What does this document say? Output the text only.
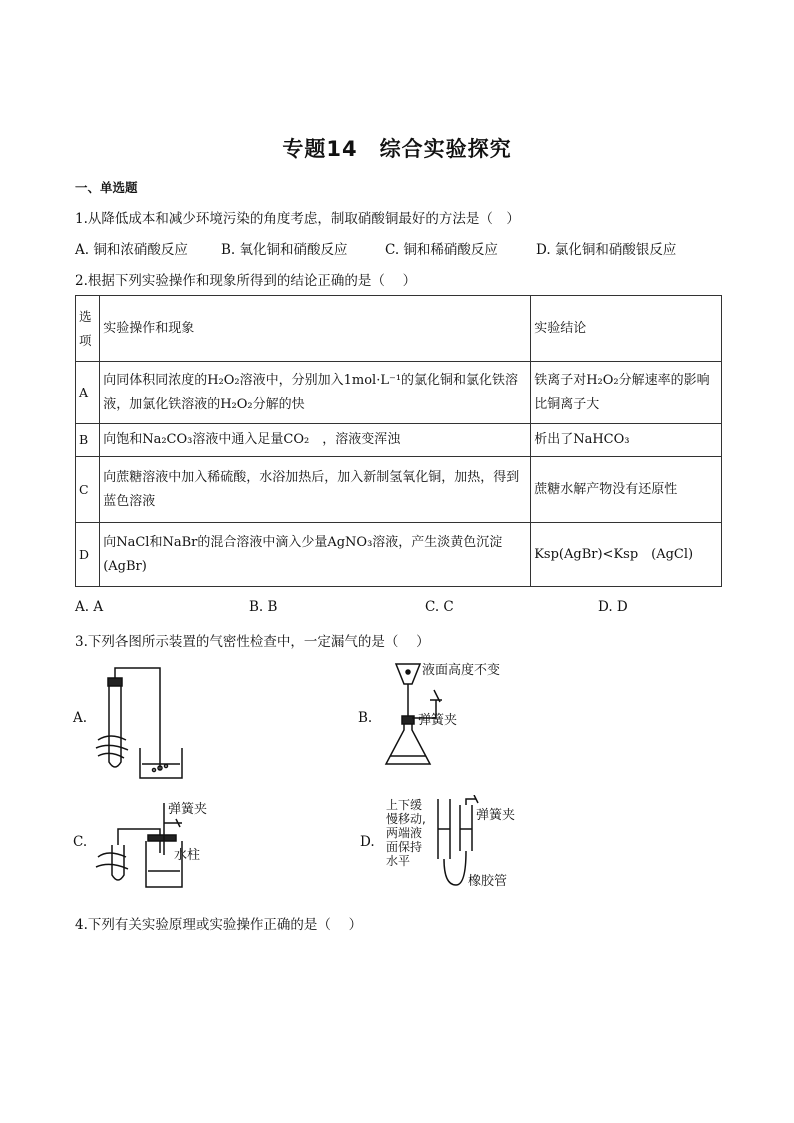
专题14　综合实验探究
一、单选题
1.从降低成本和减少环境污染的角度考虑，制取硝酸铜最好的方法是（　）
A. 铜和浓硝酸反应 B. 氧化铜和硝酸反应	C. 铜和稀硝酸反应	D. 氯化铜和硝酸银反应
2.根据下列实验操作和现象所得到的结论正确的是（　 ）
选项	实验操作和现象	实验结论
A	向同体积同浓度的H₂O₂溶液中，分别加入1mol·L⁻¹的氯化铜和氯化铁溶液，加氯化铁溶液的H₂O₂分解的快	铁离子对H₂O₂分解速率的影响比铜离子大
B	向饱和Na₂CO₃溶液中通入足量CO₂　，溶液变浑浊	析出了NaHCO₃
C	向蔗糖溶液中加入稀硫酸，水浴加热后，加入新制氢氧化铜，加热，得到蓝色溶液	蔗糖水解产物没有还原性
D	向NaCl和NaBr的混合溶液中滴入少量AgNO₃溶液，产生淡黄色沉淀(AgBr)	Ksp(AgBr)<Ksp　(AgCl)
A. A	B. B	C. C	D. D
3.下列各图所示装置的气密性检查中，一定漏气的是（　 ）
A.	B.
C.	D.
液面高度不变
弹簧夹
弹簧夹
水柱
上下缓
慢移动,
两端液
面保持
水平
弹簧夹
橡胶管
4.下列有关实验原理或实验操作正确的是（　 ）
